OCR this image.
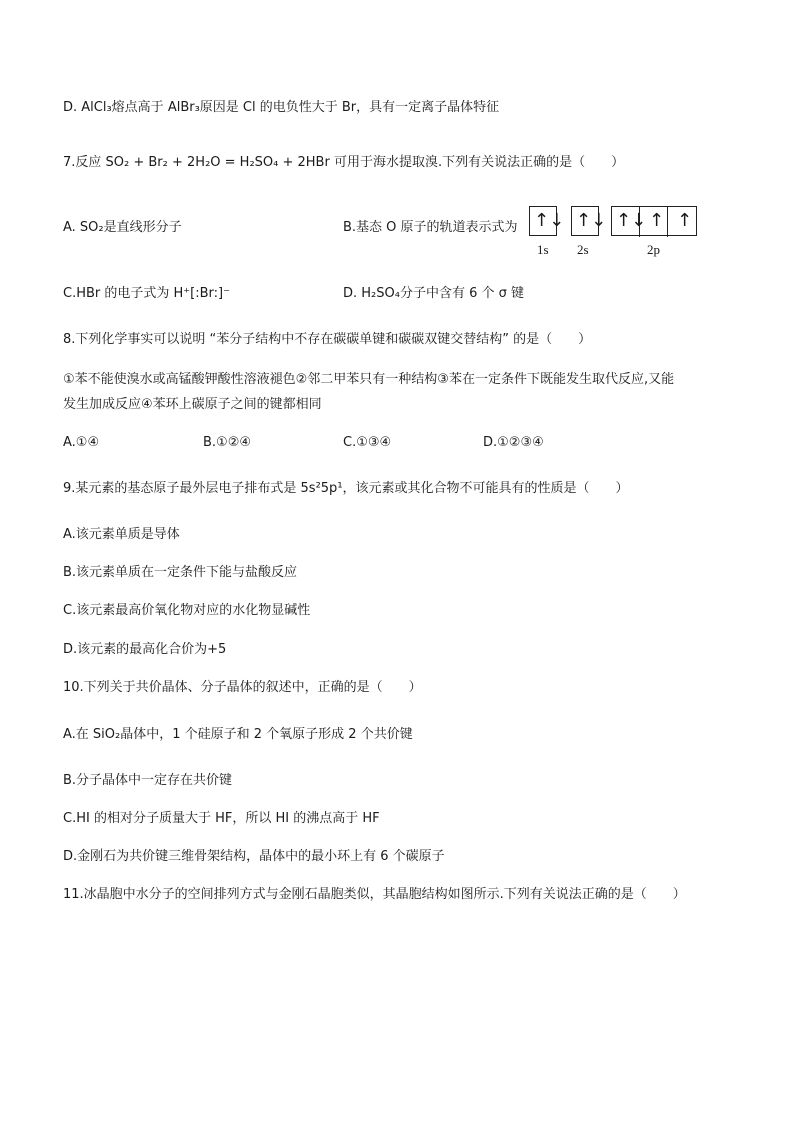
D. AlCl₃熔点高于 AlBr₃原因是 Cl 的电负性大于 Br，具有一定离子晶体特征
7.反应 SO₂ + Br₂ + 2H₂O = H₂SO₄ + 2HBr 可用于海水提取溴.下列有关说法正确的是（　　）
A. SO₂是直线形分子	B.基态 O 原子的轨道表示式为 ↑↓ ↑↓ ↑↓ ↑ ↑
1s 2s	2p
C.HBr 的电子式为 H⁺[:Br:]⁻	D. H₂SO₄分子中含有 6 个 σ 键
8.下列化学事实可以说明 “苯分子结构中不存在碳碳单键和碳碳双键交替结构” 的是（　　）
①苯不能使溴水或高锰酸钾酸性溶液褪色②邻二甲苯只有一种结构③苯在一定条件下既能发生取代反应,又能
发生加成反应④苯环上碳原子之间的键都相同
A.①④	B.①②④	C.①③④	D.①②③④
9.某元素的基态原子最外层电子排布式是 5s²5p¹，该元素或其化合物不可能具有的性质是（　　）
A.该元素单质是导体
B.该元素单质在一定条件下能与盐酸反应
C.该元素最高价氧化物对应的水化物显碱性
D.该元素的最高化合价为+5
10.下列关于共价晶体、分子晶体的叙述中，正确的是（　　）
A.在 SiO₂晶体中，1 个硅原子和 2 个氧原子形成 2 个共价键
B.分子晶体中一定存在共价键
C.HI 的相对分子质量大于 HF，所以 HI 的沸点高于 HF
D.金刚石为共价键三维骨架结构，晶体中的最小环上有 6 个碳原子
11.冰晶胞中水分子的空间排列方式与金刚石晶胞类似，其晶胞结构如图所示.下列有关说法正确的是（　　）
